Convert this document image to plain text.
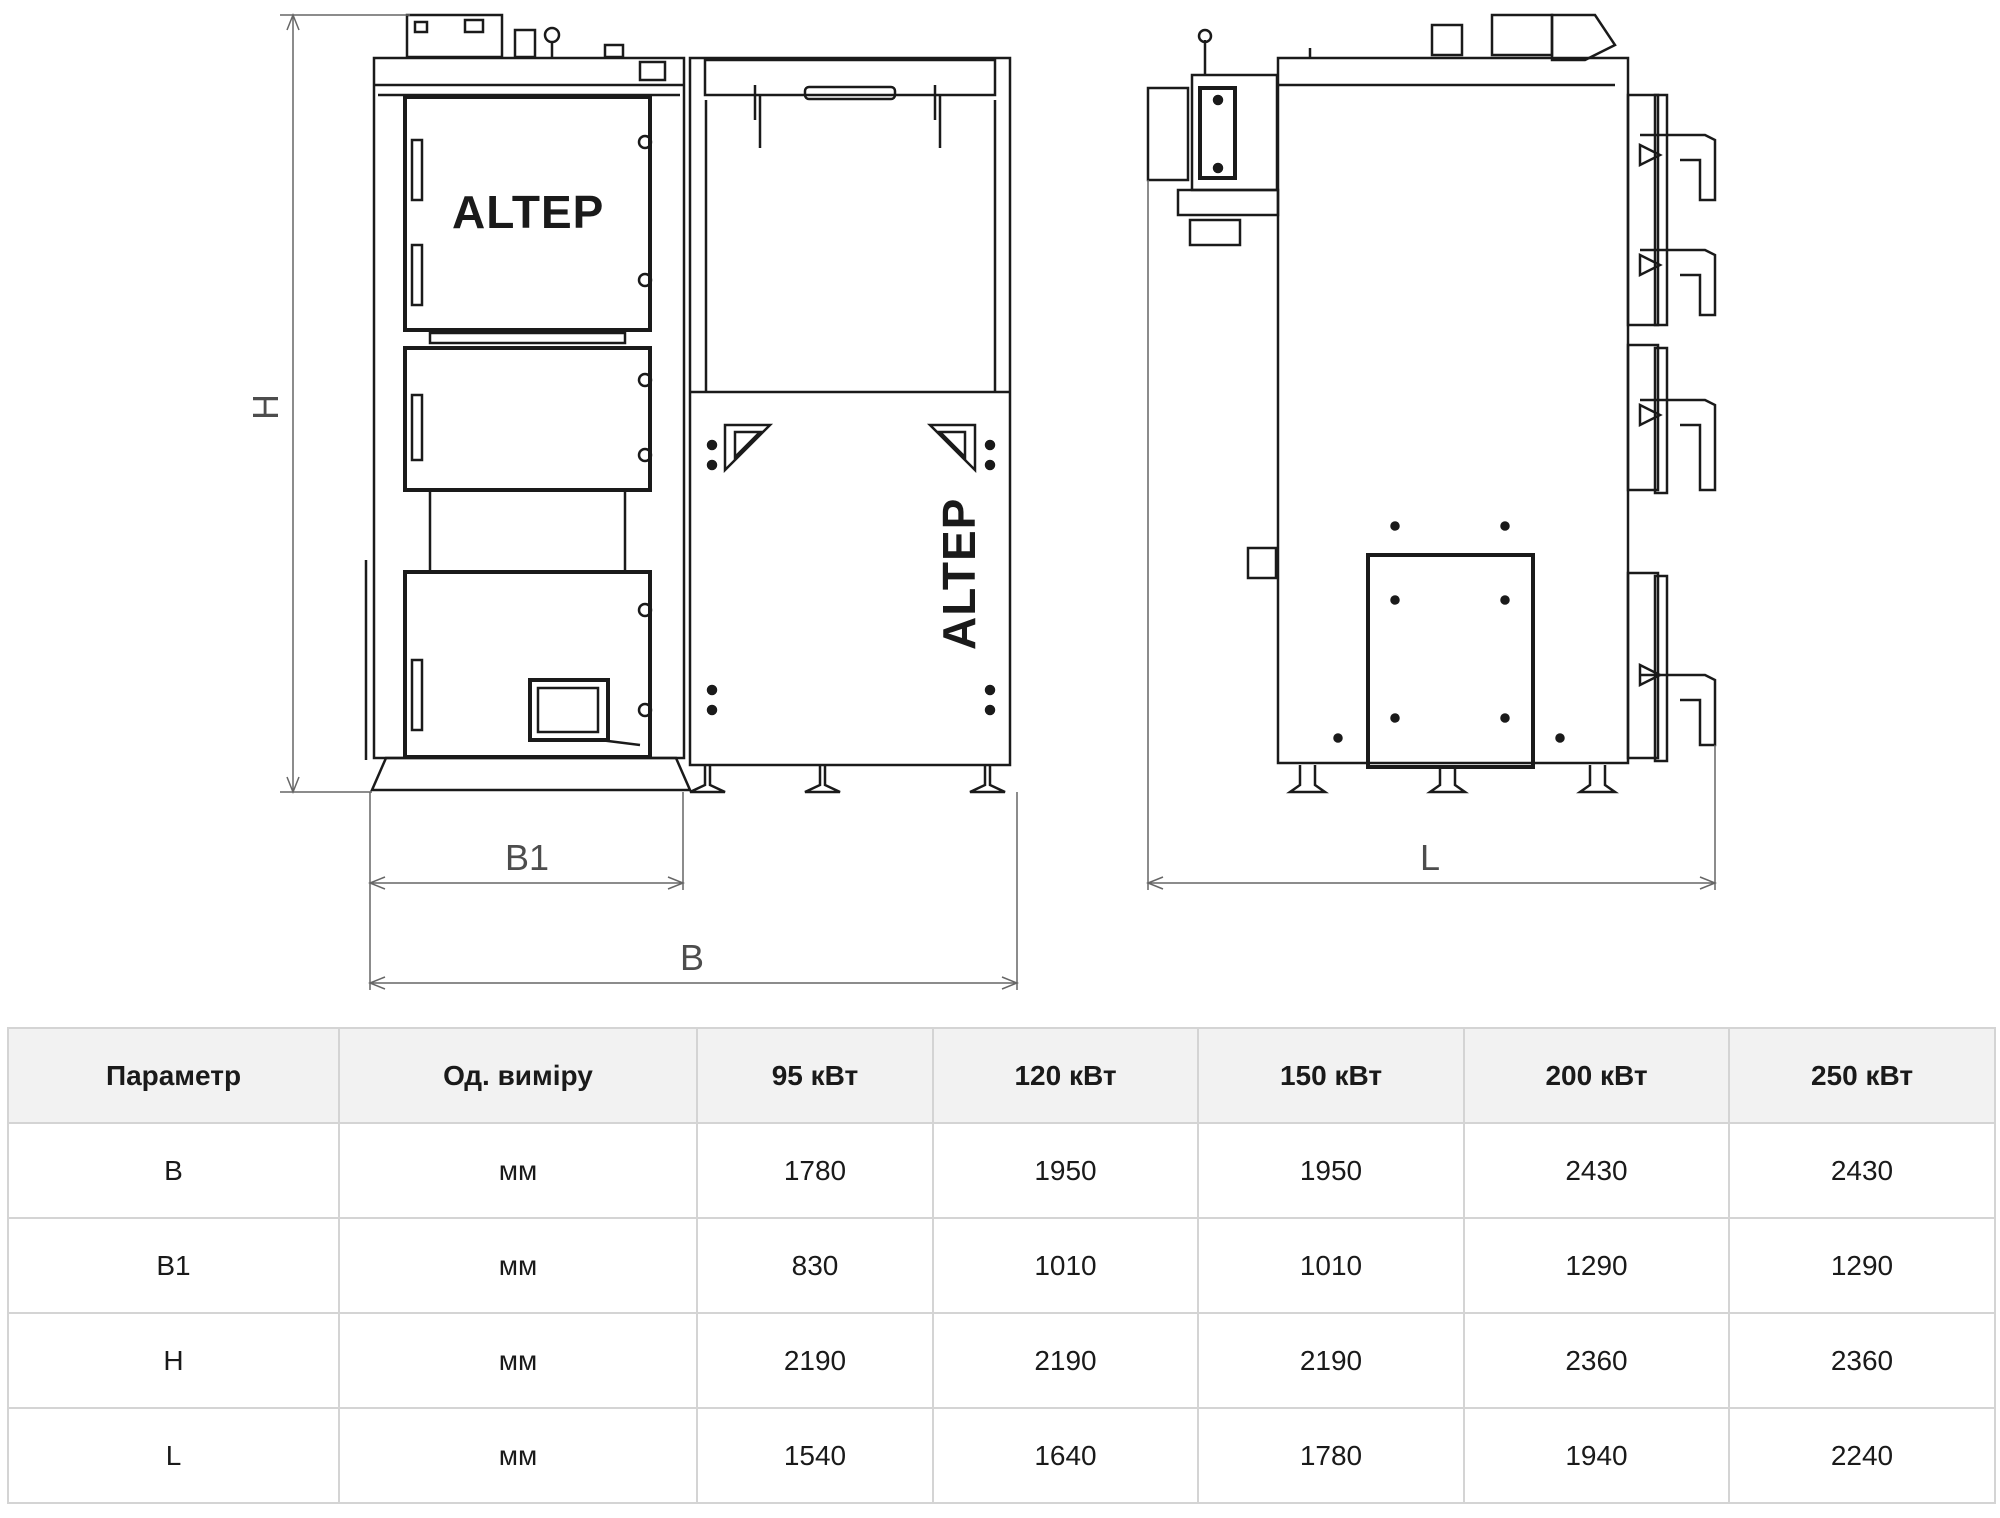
ALTEP
ALTEP
H
B1
B
L
Параметр	Од. виміру	95 кВт	120 кВт	150 кВт	200 кВт	250 кВт
B	мм	1780	1950	1950	2430	2430
B1	мм	830	1010	1010	1290	1290
H	мм	2190	2190	2190	2360	2360
L	мм	1540	1640	1780	1940	2240
